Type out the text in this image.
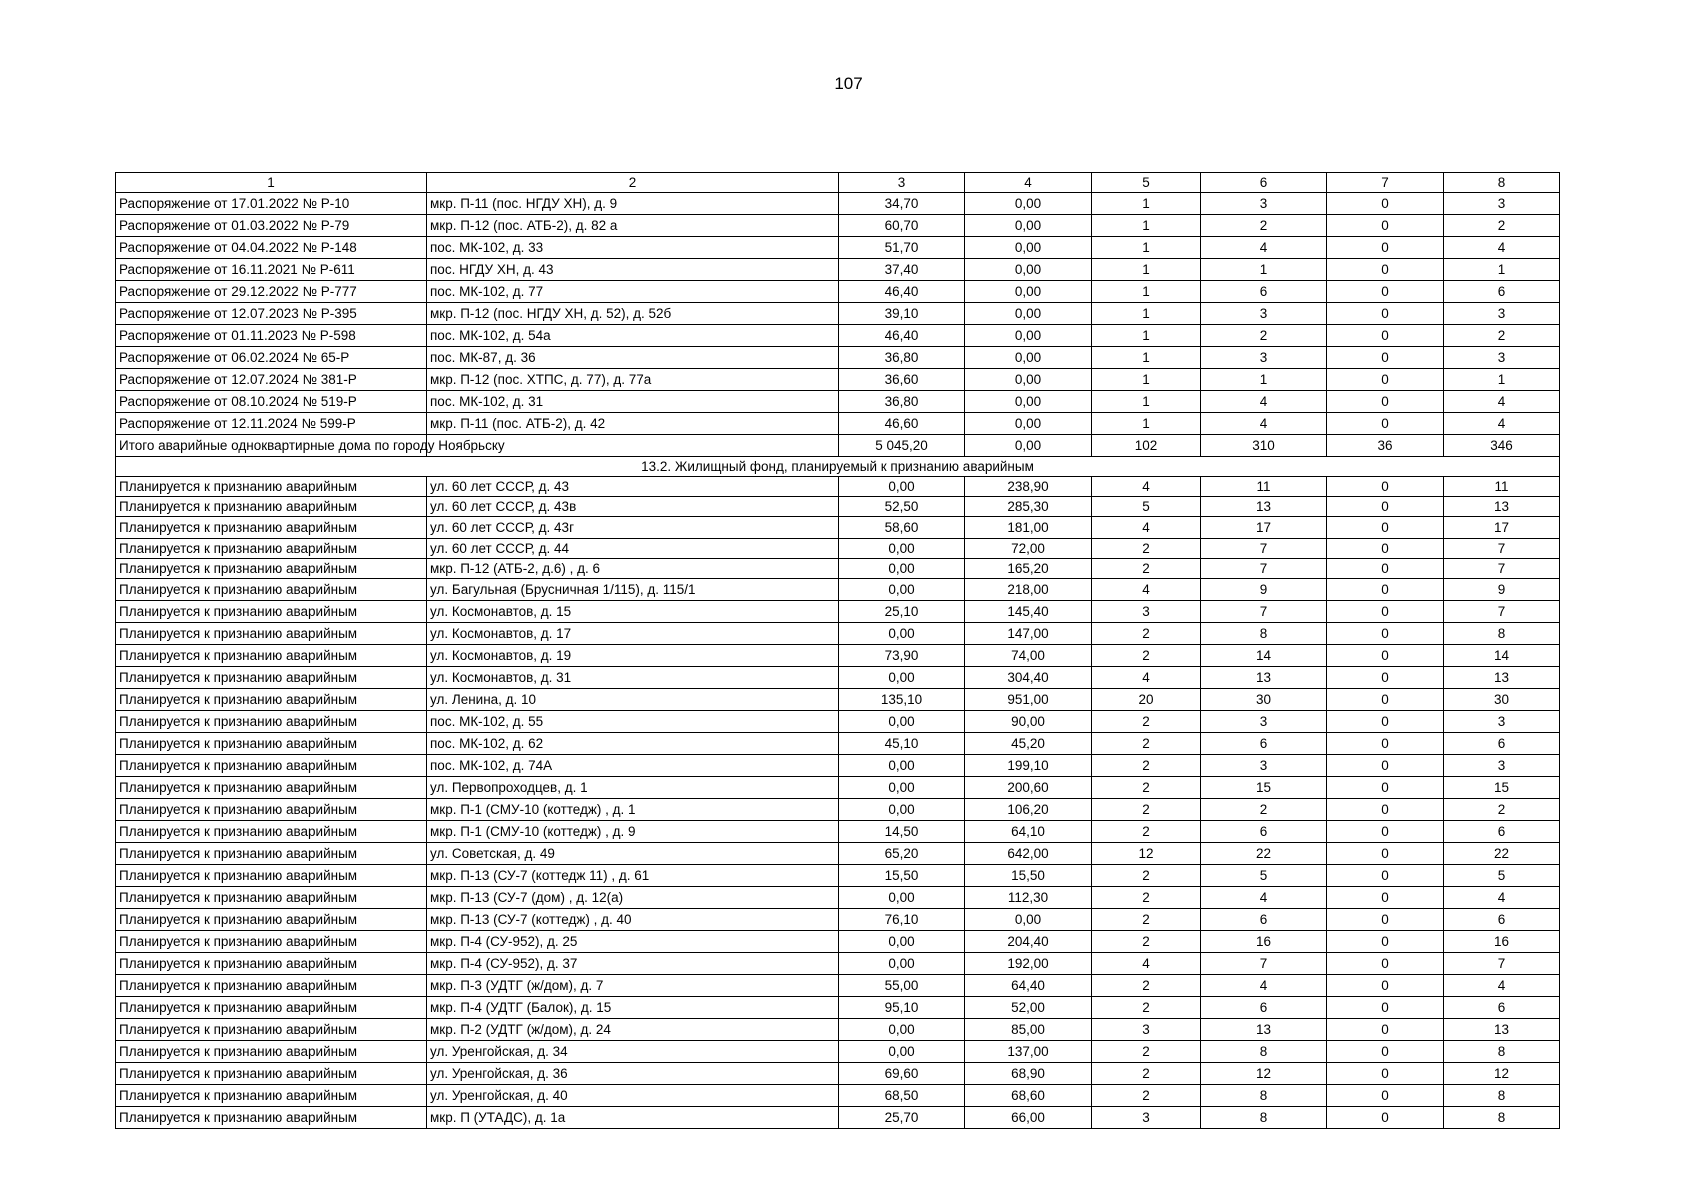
107
1	2	3	4	5	6	7	8
Распоряжение от 17.01.2022 № Р-10	мкр. П-11 (пос. НГДУ ХН), д. 9	34,70	0,00	1	3	0	3
Распоряжение от 01.03.2022 № Р-79	мкр. П-12 (пос. АТБ-2), д. 82 а	60,70	0,00	1	2	0	2
Распоряжение от 04.04.2022 № Р-148	пос. МК-102, д. 33	51,70	0,00	1	4	0	4
Распоряжение от 16.11.2021 № Р-611	пос. НГДУ ХН, д. 43	37,40	0,00	1	1	0	1
Распоряжение от 29.12.2022 № Р-777	пос. МК-102, д. 77	46,40	0,00	1	6	0	6
Распоряжение от 12.07.2023 № Р-395	мкр. П-12 (пос. НГДУ ХН, д. 52), д. 52б	39,10	0,00	1	3	0	3
Распоряжение от 01.11.2023 № Р-598	пос. МК-102, д. 54а	46,40	0,00	1	2	0	2
Распоряжение от 06.02.2024 № 65-Р	пос. МК-87, д. 36	36,80	0,00	1	3	0	3
Распоряжение от 12.07.2024 № 381-Р	мкр. П-12 (пос. ХТПС, д. 77), д. 77а	36,60	0,00	1	1	0	1
Распоряжение от 08.10.2024 № 519-Р	пос. МК-102, д. 31	36,80	0,00	1	4	0	4
Распоряжение от 12.11.2024 № 599-Р	мкр. П-11 (пос. АТБ-2), д. 42	46,60	0,00	1	4	0	4
Итого аварийные одноквартирные дома по городу Ноябрьску		5 045,20	0,00	102	310	36	346
13.2. Жилищный фонд, планируемый к признанию аварийным							
Планируется к признанию аварийным	ул. 60 лет СССР, д. 43	0,00	238,90	4	11	0	11
Планируется к признанию аварийным	ул. 60 лет СССР, д. 43в	52,50	285,30	5	13	0	13
Планируется к признанию аварийным	ул. 60 лет СССР, д. 43г	58,60	181,00	4	17	0	17
Планируется к признанию аварийным	ул. 60 лет СССР, д. 44	0,00	72,00	2	7	0	7
Планируется к признанию аварийным	мкр. П-12 (АТБ-2, д.6) , д. 6	0,00	165,20	2	7	0	7
Планируется к признанию аварийным	ул. Багульная (Брусничная 1/115), д. 115/1	0,00	218,00	4	9	0	9
Планируется к признанию аварийным	ул. Космонавтов, д. 15	25,10	145,40	3	7	0	7
Планируется к признанию аварийным	ул. Космонавтов, д. 17	0,00	147,00	2	8	0	8
Планируется к признанию аварийным	ул. Космонавтов, д. 19	73,90	74,00	2	14	0	14
Планируется к признанию аварийным	ул. Космонавтов, д. 31	0,00	304,40	4	13	0	13
Планируется к признанию аварийным	ул. Ленина, д. 10	135,10	951,00	20	30	0	30
Планируется к признанию аварийным	пос. МК-102, д. 55	0,00	90,00	2	3	0	3
Планируется к признанию аварийным	пос. МК-102, д. 62	45,10	45,20	2	6	0	6
Планируется к признанию аварийным	пос. МК-102, д. 74А	0,00	199,10	2	3	0	3
Планируется к признанию аварийным	ул. Первопроходцев, д. 1	0,00	200,60	2	15	0	15
Планируется к признанию аварийным	мкр. П-1 (СМУ-10 (коттедж) , д. 1	0,00	106,20	2	2	0	2
Планируется к признанию аварийным	мкр. П-1 (СМУ-10 (коттедж) , д. 9	14,50	64,10	2	6	0	6
Планируется к признанию аварийным	ул. Советская, д. 49	65,20	642,00	12	22	0	22
Планируется к признанию аварийным	мкр. П-13 (СУ-7 (коттедж 11) , д. 61	15,50	15,50	2	5	0	5
Планируется к признанию аварийным	мкр. П-13 (СУ-7 (дом) , д. 12(а)	0,00	112,30	2	4	0	4
Планируется к признанию аварийным	мкр. П-13 (СУ-7 (коттедж) , д. 40	76,10	0,00	2	6	0	6
Планируется к признанию аварийным	мкр. П-4 (СУ-952), д. 25	0,00	204,40	2	16	0	16
Планируется к признанию аварийным	мкр. П-4 (СУ-952), д. 37	0,00	192,00	4	7	0	7
Планируется к признанию аварийным	мкр. П-3 (УДТГ (ж/дом), д. 7	55,00	64,40	2	4	0	4
Планируется к признанию аварийным	мкр. П-4 (УДТГ (Балок), д. 15	95,10	52,00	2	6	0	6
Планируется к признанию аварийным	мкр. П-2 (УДТГ (ж/дом), д. 24	0,00	85,00	3	13	0	13
Планируется к признанию аварийным	ул. Уренгойская, д. 34	0,00	137,00	2	8	0	8
Планируется к признанию аварийным	ул. Уренгойская, д. 36	69,60	68,90	2	12	0	12
Планируется к признанию аварийным	ул. Уренгойская, д. 40	68,50	68,60	2	8	0	8
Планируется к признанию аварийным	мкр. П (УТАДС), д. 1а	25,70	66,00	3	8	0	8
